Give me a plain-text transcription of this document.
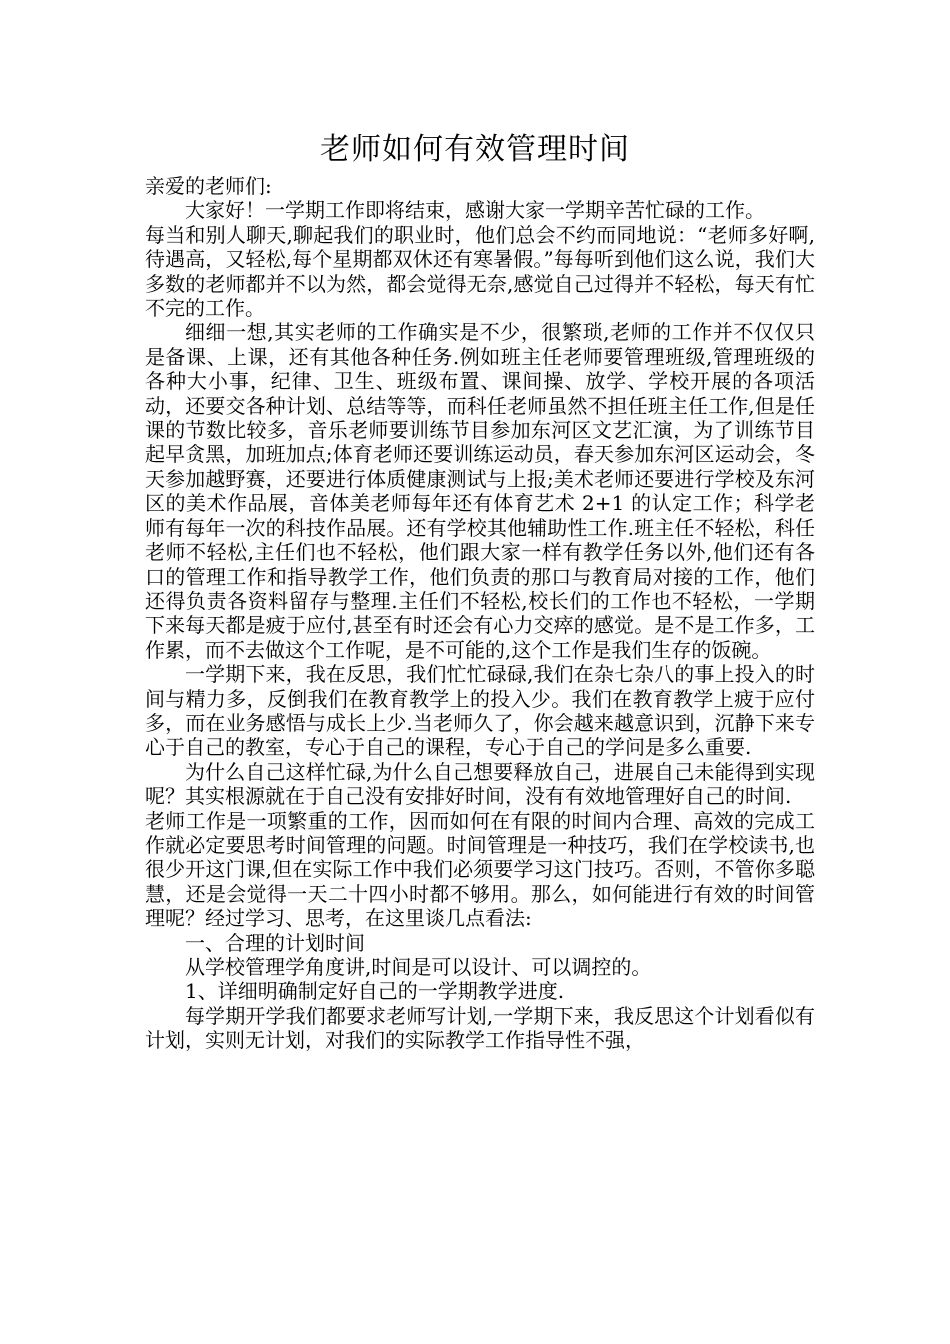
老师如何有效管理时间

亲爱的老师们:

大家好！一学期工作即将结束，感谢大家一学期辛苦忙碌的工作。

每当和别人聊天,聊起我们的职业时，他们总会不约而同地说：“老师多好啊,待遇高，又轻松,每个星期都双休还有寒暑假。”每每听到他们这么说，我们大多数的老师都并不以为然，都会觉得无奈,感觉自己过得并不轻松，每天有忙不完的工作。

细细一想,其实老师的工作确实是不少，很繁琐,老师的工作并不仅仅只是备课、上课，还有其他各种任务.例如班主任老师要管理班级,管理班级的各种大小事，纪律、卫生、班级布置、课间操、放学、学校开展的各项活动，还要交各种计划、总结等等，而科任老师虽然不担任班主任工作,但是任课的节数比较多，音乐老师要训练节目参加东河区文艺汇演，为了训练节目起早贪黑，加班加点;体育老师还要训练运动员，春天参加东河区运动会，冬天参加越野赛，还要进行体质健康测试与上报;美术老师还要进行学校及东河区的美术作品展，音体美老师每年还有体育艺术 2+1 的认定工作；科学老师有每年一次的科技作品展。还有学校其他辅助性工作.班主任不轻松，科任老师不轻松,主任们也不轻松，他们跟大家一样有教学任务以外,他们还有各口的管理工作和指导教学工作，他们负责的那口与教育局对接的工作，他们还得负责各资料留存与整理.主任们不轻松,校长们的工作也不轻松，一学期下来每天都是疲于应付,甚至有时还会有心力交瘁的感觉。是不是工作多，工作累，而不去做这个工作呢，是不可能的,这个工作是我们生存的饭碗。

一学期下来，我在反思，我们忙忙碌碌,我们在杂七杂八的事上投入的时间与精力多，反倒我们在教育教学上的投入少。我们在教育教学上疲于应付多，而在业务感悟与成长上少.当老师久了，你会越来越意识到，沉静下来专心于自己的教室，专心于自己的课程，专心于自己的学问是多么重要.

为什么自己这样忙碌,为什么自己想要释放自己，进展自己未能得到实现呢？其实根源就在于自己没有安排好时间，没有有效地管理好自己的时间.

老师工作是一项繁重的工作，因而如何在有限的时间内合理、高效的完成工作就必定要思考时间管理的问题。时间管理是一种技巧，我们在学校读书,也很少开这门课,但在实际工作中我们必须要学习这门技巧。否则，不管你多聪慧，还是会觉得一天二十四小时都不够用。那么，如何能进行有效的时间管理呢？经过学习、思考，在这里谈几点看法:

一、合理的计划时间

从学校管理学角度讲,时间是可以设计、可以调控的。

1、详细明确制定好自己的一学期教学进度.

每学期开学我们都要求老师写计划,一学期下来，我反思这个计划看似有计划，实则无计划，对我们的实际教学工作指导性不强，
